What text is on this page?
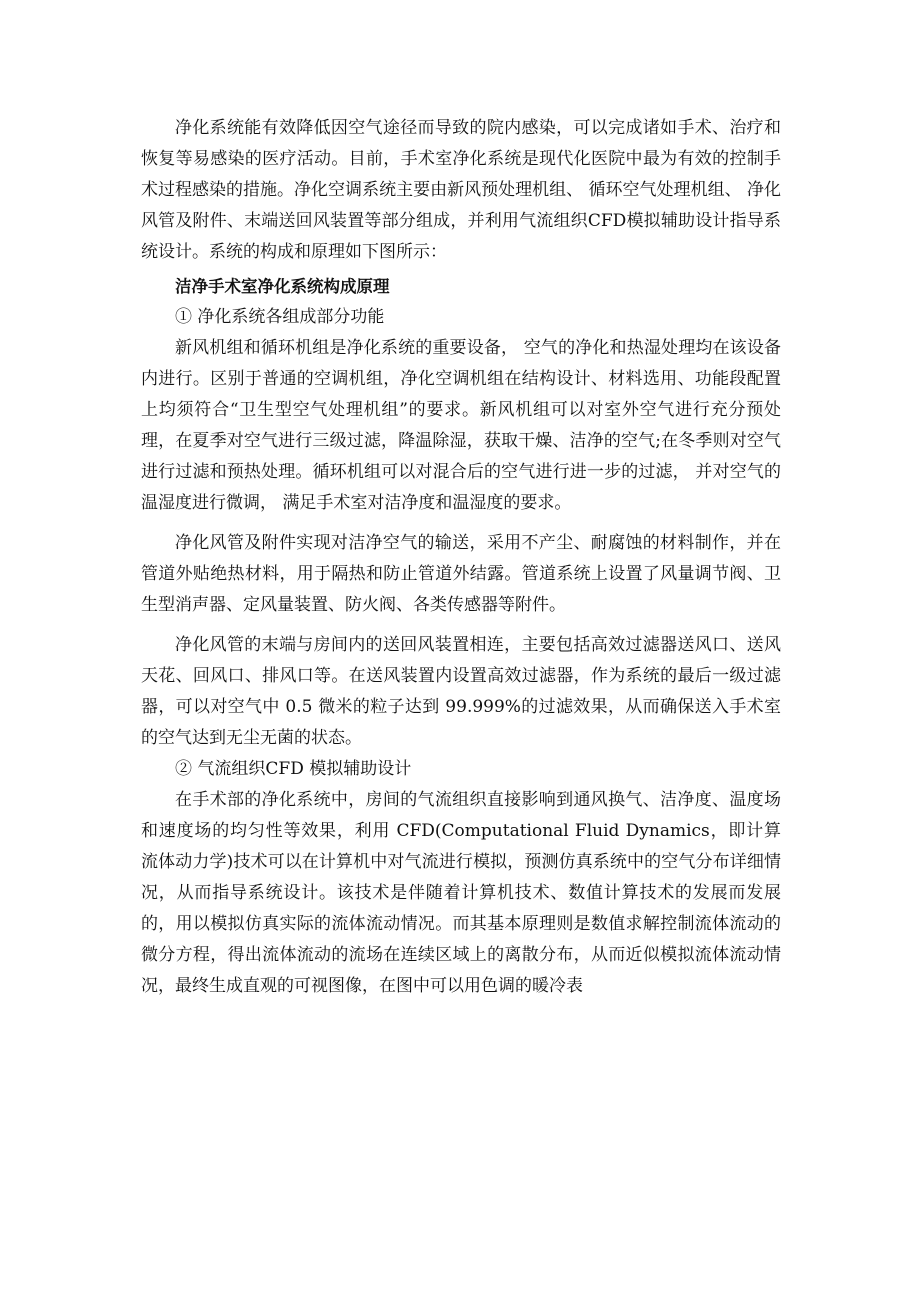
净化系统能有效降低因空气途径而导致的院内感染，可以完成诸如手术、治疗和恢复等易感染的医疗活动。目前，手术室净化系统是现代化医院中最为有效的控制手术过程感染的措施。净化空调系统主要由新风预处理机组、 循环空气处理机组、 净化风管及附件、末端送回风装置等部分组成，并利用气流组织CFD模拟辅助设计指导系统设计。系统的构成和原理如下图所示：

洁净手术室净化系统构成原理

① 净化系统各组成部分功能

新风机组和循环机组是净化系统的重要设备， 空气的净化和热湿处理均在该设备内进行。区别于普通的空调机组，净化空调机组在结构设计、材料选用、功能段配置上均须符合“卫生型空气处理机组”的要求。新风机组可以对室外空气进行充分预处理，在夏季对空气进行三级过滤，降温除湿，获取干燥、洁净的空气;在冬季则对空气进行过滤和预热处理。循环机组可以对混合后的空气进行进一步的过滤， 并对空气的温湿度进行微调， 满足手术室对洁净度和温湿度的要求。

净化风管及附件实现对洁净空气的输送，采用不产尘、耐腐蚀的材料制作，并在管道外贴绝热材料，用于隔热和防止管道外结露。管道系统上设置了风量调节阀、卫生型消声器、定风量装置、防火阀、各类传感器等附件。

净化风管的末端与房间内的送回风装置相连，主要包括高效过滤器送风口、送风天花、回风口、排风口等。在送风装置内设置高效过滤器，作为系统的最后一级过滤器，可以对空气中 0.5 微米的粒子达到 99.999%的过滤效果，从而确保送入手术室的空气达到无尘无菌的状态。

② 气流组织CFD 模拟辅助设计

在手术部的净化系统中，房间的气流组织直接影响到通风换气、洁净度、温度场和速度场的均匀性等效果，利用 CFD(Computational Fluid Dynamics，即计算流体动力学)技术可以在计算机中对气流进行模拟，预测仿真系统中的空气分布详细情况，从而指导系统设计。该技术是伴随着计算机技术、数值计算技术的发展而发展的，用以模拟仿真实际的流体流动情况。而其基本原理则是数值求解控制流体流动的微分方程，得出流体流动的流场在连续区域上的离散分布，从而近似模拟流体流动情况，最终生成直观的可视图像，在图中可以用色调的暖冷表
